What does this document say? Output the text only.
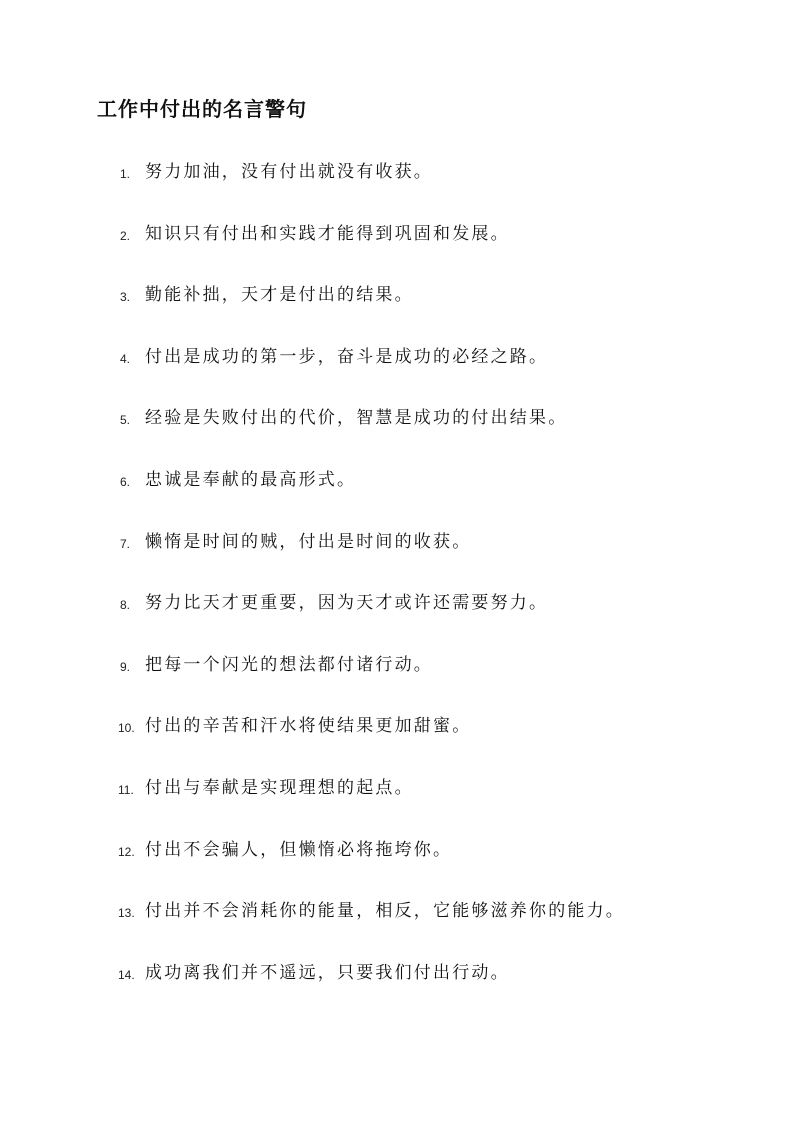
工作中付出的名言警句
1. 努力加油，没有付出就没有收获。
2. 知识只有付出和实践才能得到巩固和发展。
3. 勤能补拙，天才是付出的结果。
4. 付出是成功的第一步，奋斗是成功的必经之路。
5. 经验是失败付出的代价，智慧是成功的付出结果。
6. 忠诚是奉献的最高形式。
7. 懒惰是时间的贼，付出是时间的收获。
8. 努力比天才更重要，因为天才或许还需要努力。
9. 把每一个闪光的想法都付诸行动。
10. 付出的辛苦和汗水将使结果更加甜蜜。
11. 付出与奉献是实现理想的起点。
12. 付出不会骗人，但懒惰必将拖垮你。
13. 付出并不会消耗你的能量，相反，它能够滋养你的能力。
14. 成功离我们并不遥远，只要我们付出行动。
